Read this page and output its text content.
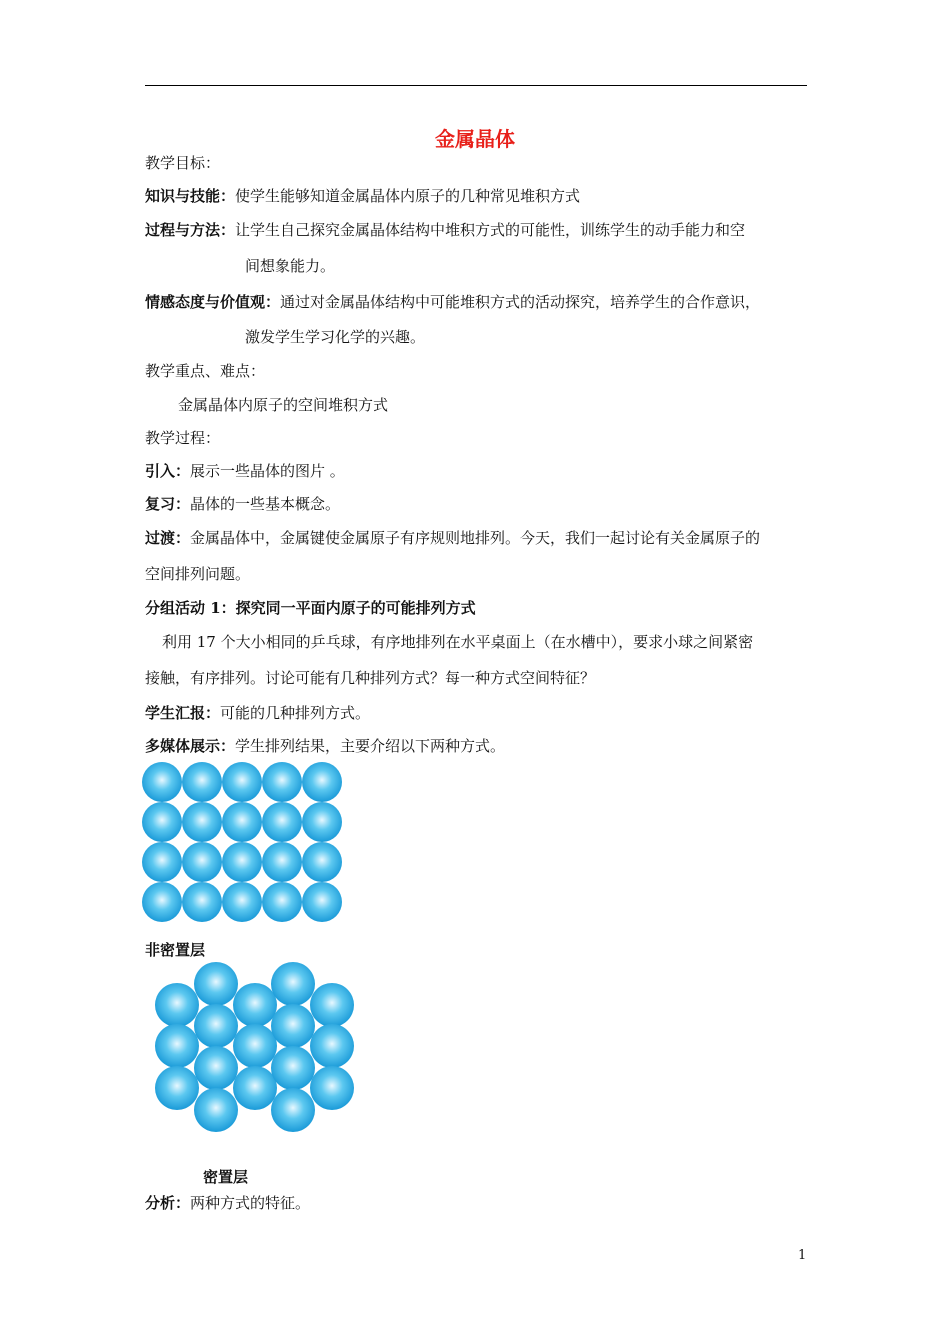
金属晶体
教学目标：
知识与技能：使学生能够知道金属晶体内原子的几种常见堆积方式
过程与方法：让学生自己探究金属晶体结构中堆积方式的可能性，训练学生的动手能力和空
间想象能力。
情感态度与价值观：通过对金属晶体结构中可能堆积方式的活动探究，培养学生的合作意识，
激发学生学习化学的兴趣。
教学重点、难点：
金属晶体内原子的空间堆积方式
教学过程：
引入：展示一些晶体的图片 。
复习：晶体的一些基本概念。
过渡：金属晶体中，金属键使金属原子有序规则地排列。今天，我们一起讨论有关金属原子的
空间排列问题。
分组活动 1：探究同一平面内原子的可能排列方式
利用 17 个大小相同的乒乓球，有序地排列在水平桌面上（在水槽中），要求小球之间紧密
接触，有序排列。讨论可能有几种排列方式？每一种方式空间特征？
学生汇报：可能的几种排列方式。
多媒体展示：学生排列结果，主要介绍以下两种方式。
非密置层
密置层
分析：两种方式的特征。
1
